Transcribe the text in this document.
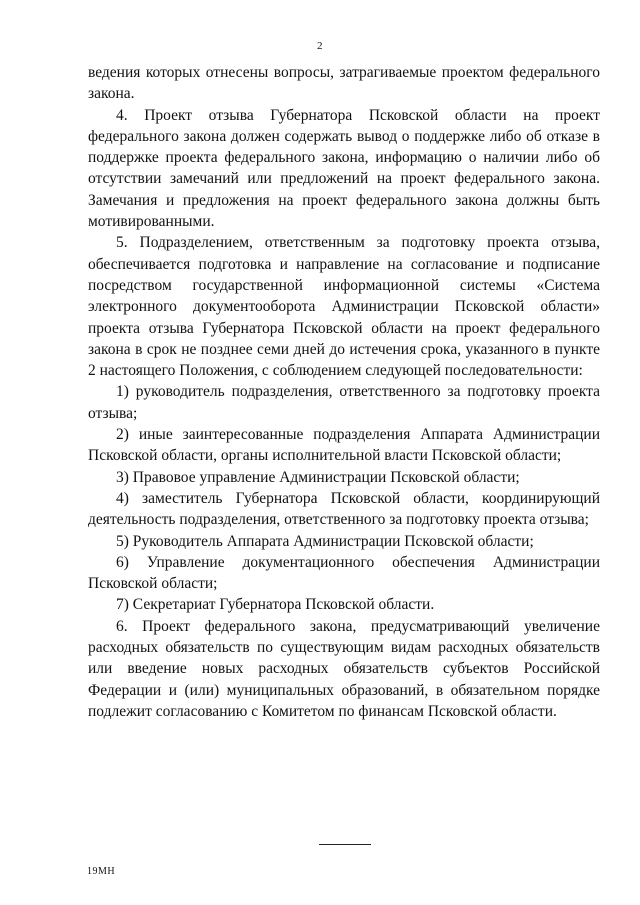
2

ведения которых отнесены вопросы, затрагиваемые проектом федерального закона.

4. Проект отзыва Губернатора Псковской области на проект федерального закона должен содержать вывод о поддержке либо об отказе в поддержке проекта федерального закона, информацию о наличии либо об отсутствии замечаний или предложений на проект федерального закона. Замечания и предложения на проект федерального закона должны быть мотивированными.

5. Подразделением, ответственным за подготовку проекта отзыва, обеспечивается подготовка и направление на согласование и подписание посредством государственной информационной системы «Система электронного документооборота Администрации Псковской области» проекта отзыва Губернатора Псковской области на проект федерального закона в срок не позднее семи дней до истечения срока, указанного в пункте 2 настоящего Положения, с соблюдением следующей последовательности:

1) руководитель подразделения, ответственного за подготовку проекта отзыва;

2) иные заинтересованные подразделения Аппарата Администрации Псковской области, органы исполнительной власти Псковской области;

3) Правовое управление Администрации Псковской области;

4) заместитель Губернатора Псковской области, координирующий деятельность подразделения, ответственного за подготовку проекта отзыва;

5) Руководитель Аппарата Администрации Псковской области;

6) Управление документационного обеспечения Администрации Псковской области;

7) Секретариат Губернатора Псковской области.

6. Проект федерального закона, предусматривающий увеличение расходных обязательств по существующим видам расходных обязательств или введение новых расходных обязательств субъектов Российской Федерации и (или) муниципальных образований, в обязательном порядке подлежит согласованию с Комитетом по финансам Псковской области.

19МН
